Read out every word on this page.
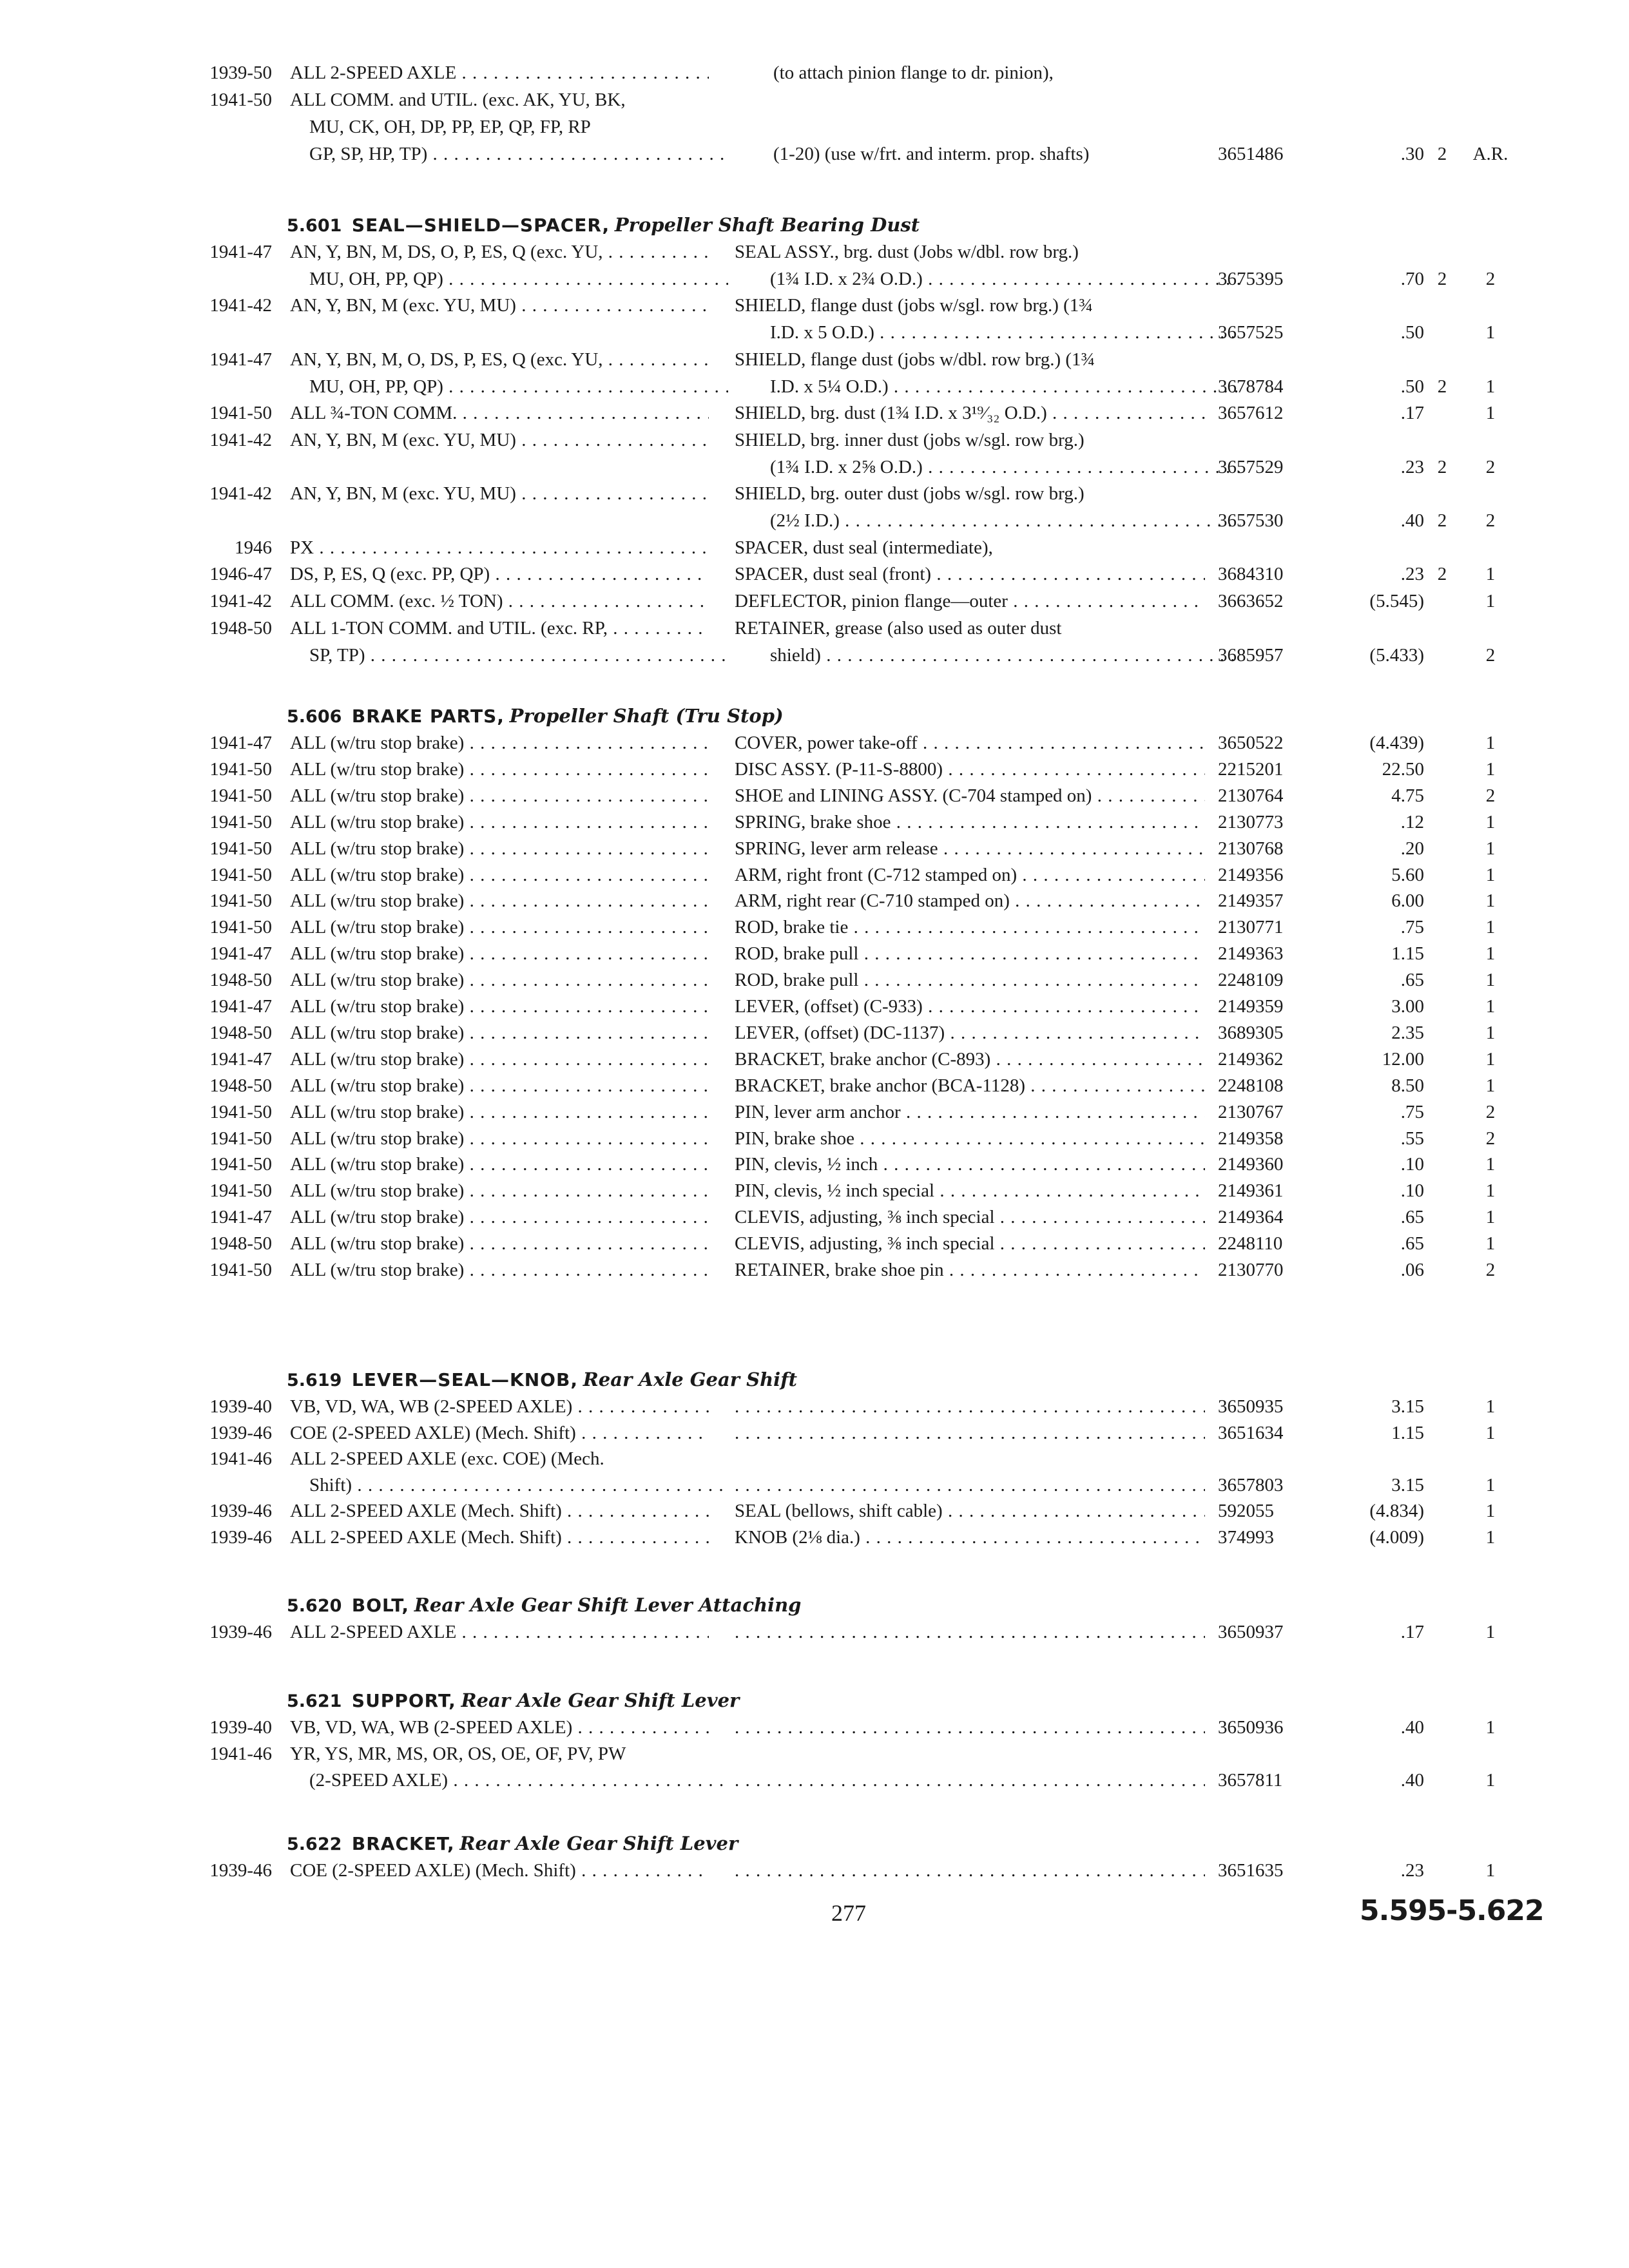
1939-50 ALL 2-SPEED AXLE . . .	(to attach pinion flange to dr. pinion),
1941-50 ALL COMM. and UTIL. (exc. AK, YU, BK,
MU, CK, OH, DP, PP, EP, QP, FP, RP
GP, SP, HP, TP) . . .	(1-20) (use w/frt. and interm. prop. shafts)	3651486	.30 2	A.R.
5.601 SEAL—SHIELD—SPACER, Propeller Shaft Bearing Dust
1941-47 AN, Y, BN, M, DS, O, P, ES, Q (exc. YU, . . .	SEAL ASSY., brg. dust (Jobs w/dbl. row brg.)
MU, OH, PP, QP) . . .	(1¾ I.D. x 2¾ O.D.) . . .	3675395	.70 2	2
1941-42 AN, Y, BN, M (exc. YU, MU) . . .	SHIELD, flange dust (jobs w/sgl. row brg.) (1¾
I.D. x 5 O.D.) . . .	3657525	.50	1
1941-47 AN, Y, BN, M, O, DS, P, ES, Q (exc. YU, . . .	SHIELD, flange dust (jobs w/dbl. row brg.) (1¾
MU, OH, PP, QP) . . .	I.D. x 5¼ O.D.) . . .	3678784	.50 2	1
1941-50 ALL ¾-TON COMM. . . .	SHIELD, brg. dust (1¾ I.D. x 3¹⁹⁄₃₂ O.D.) . . .	3657612	.17	1
1941-42 AN, Y, BN, M (exc. YU, MU) . . .	SHIELD, brg. inner dust (jobs w/sgl. row brg.)
(1¾ I.D. x 2⅝ O.D.) . . .	3657529	.23 2	2
1941-42 AN, Y, BN, M (exc. YU, MU) . . .	SHIELD, brg. outer dust (jobs w/sgl. row brg.)
(2½ I.D.) . . .	3657530	.40 2	2
1946 PX . . .	SPACER, dust seal (intermediate),
1946-47 DS, P, ES, Q (exc. PP, QP) . . .	SPACER, dust seal (front) . . .	3684310	.23 2	1
1941-42 ALL COMM. (exc. ½ TON) . . .	DEFLECTOR, pinion flange—outer . . .	3663652	(5.545)	1
1948-50 ALL 1-TON COMM. and UTIL. (exc. RP, . . .	RETAINER, grease (also used as outer dust
SP, TP) . . .	shield) . . .	3685957	(5.433)	2
5.606 BRAKE PARTS, Propeller Shaft (Tru Stop)
1941-47 ALL (w/tru stop brake) . . .	COVER, power take-off . . .	3650522	(4.439)	1
1941-50 ALL (w/tru stop brake) . . .	DISC ASSY. (P-11-S-8800) . . .	2215201	22.50	1
1941-50 ALL (w/tru stop brake) . . .	SHOE and LINING ASSY. (C-704 stamped on) . . .	2130764	4.75	2
1941-50 ALL (w/tru stop brake) . . .	SPRING, brake shoe . . .	2130773	.12	1
1941-50 ALL (w/tru stop brake) . . .	SPRING, lever arm release . . .	2130768	.20	1
1941-50 ALL (w/tru stop brake) . . .	ARM, right front (C-712 stamped on) . . .	2149356	5.60	1
1941-50 ALL (w/tru stop brake) . . .	ARM, right rear (C-710 stamped on) . . .	2149357	6.00	1
1941-50 ALL (w/tru stop brake) . . .	ROD, brake tie . . .	2130771	.75	1
1941-47 ALL (w/tru stop brake) . . .	ROD, brake pull . . .	2149363	1.15	1
1948-50 ALL (w/tru stop brake) . . .	ROD, brake pull . . .	2248109	.65	1
1941-47 ALL (w/tru stop brake) . . .	LEVER, (offset) (C-933) . . .	2149359	3.00	1
1948-50 ALL (w/tru stop brake) . . .	LEVER, (offset) (DC-1137) . . .	3689305	2.35	1
1941-47 ALL (w/tru stop brake) . . .	BRACKET, brake anchor (C-893) . . .	2149362	12.00	1
1948-50 ALL (w/tru stop brake) . . .	BRACKET, brake anchor (BCA-1128) . . .	2248108	8.50	1
1941-50 ALL (w/tru stop brake) . . .	PIN, lever arm anchor . . .	2130767	.75	2
1941-50 ALL (w/tru stop brake) . . .	PIN, brake shoe . . .	2149358	.55	2
1941-50 ALL (w/tru stop brake) . . .	PIN, clevis, ½ inch . . .	2149360	.10	1
1941-50 ALL (w/tru stop brake) . . .	PIN, clevis, ½ inch special . . .	2149361	.10	1
1941-47 ALL (w/tru stop brake) . . .	CLEVIS, adjusting, ⅜ inch special . . .	2149364	.65	1
1948-50 ALL (w/tru stop brake) . . .	CLEVIS, adjusting, ⅜ inch special . . .	2248110	.65	1
1941-50 ALL (w/tru stop brake) . . .	RETAINER, brake shoe pin . . .	2130770	.06	2
5.619 LEVER—SEAL—KNOB, Rear Axle Gear Shift
1939-40 VB, VD, WA, WB (2-SPEED AXLE) . . . . . .	3650935	3.15	1
1939-46 COE (2-SPEED AXLE) (Mech. Shift) . . . . . .	3651634	1.15	1
1941-46 ALL 2-SPEED AXLE (exc. COE) (Mech.
Shift) . . . . . .	3657803	3.15	1
1939-46 ALL 2-SPEED AXLE (Mech. Shift) . . .	SEAL (bellows, shift cable) . . .	592055	(4.834)	1
1939-46 ALL 2-SPEED AXLE (Mech. Shift) . . .	KNOB (2⅛ dia.) . . .	374993	(4.009)	1
5.620 BOLT, Rear Axle Gear Shift Lever Attaching
1939-46 ALL 2-SPEED AXLE . . . . . .	3650937	.17	1
5.621 SUPPORT, Rear Axle Gear Shift Lever
1939-40 VB, VD, WA, WB (2-SPEED AXLE) . . . . . .	3650936	.40	1
1941-46 YR, YS, MR, MS, OR, OS, OE, OF, PV, PW
(2-SPEED AXLE) . . . . . .	3657811	.40	1
5.622 BRACKET, Rear Axle Gear Shift Lever
1939-46 COE (2-SPEED AXLE) (Mech. Shift) . . . . . .	3651635	.23	1
277	5.595-5.622
